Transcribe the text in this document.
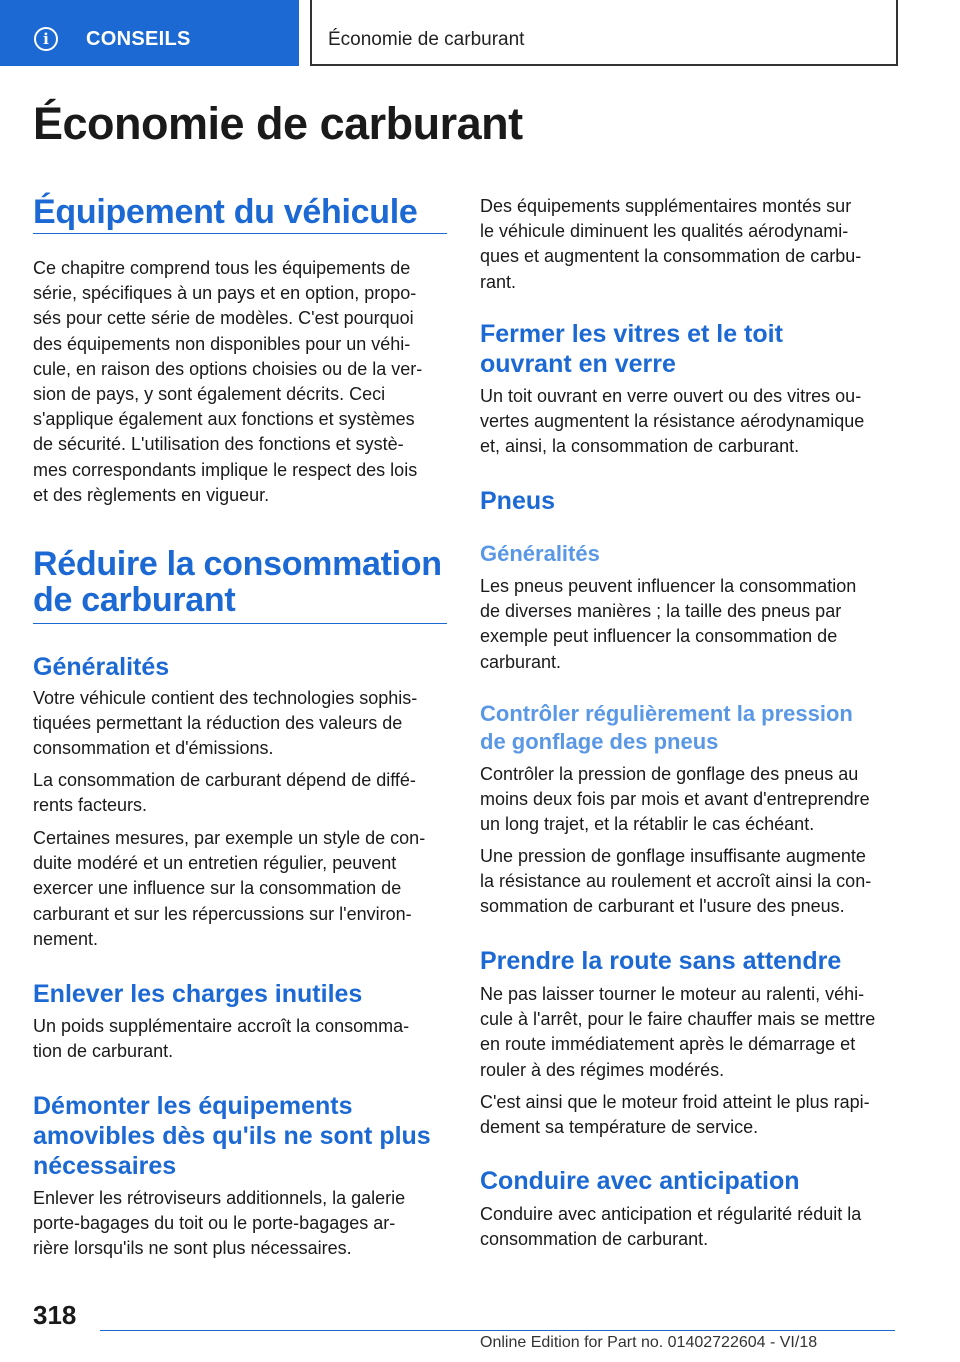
i	CONSEILS	Économie de carburant
Économie de carburant
Équipement du véhicule
Ce chapitre comprend tous les équipements de
série, spécifiques à un pays et en option, propo-
sés pour cette série de modèles. C'est pourquoi
des équipements non disponibles pour un véhi-
cule, en raison des options choisies ou de la ver-
sion de pays, y sont également décrits. Ceci
s'applique également aux fonctions et systèmes
de sécurité. L'utilisation des fonctions et systè-
mes correspondants implique le respect des lois
et des règlements en vigueur.
Réduire la consommation
de carburant
Généralités
Votre véhicule contient des technologies sophis-
tiquées permettant la réduction des valeurs de
consommation et d'émissions.
La consommation de carburant dépend de diffé-
rents facteurs.
Certaines mesures, par exemple un style de con-
duite modéré et un entretien régulier, peuvent
exercer une influence sur la consommation de
carburant et sur les répercussions sur l'environ-
nement.
Enlever les charges inutiles
Un poids supplémentaire accroît la consomma-
tion de carburant.
Démonter les équipements
amovibles dès qu'ils ne sont plus
nécessaires
Enlever les rétroviseurs additionnels, la galerie
porte-bagages du toit ou le porte-bagages ar-
rière lorsqu'ils ne sont plus nécessaires.
Des équipements supplémentaires montés sur
le véhicule diminuent les qualités aérodynami-
ques et augmentent la consommation de carbu-
rant.
Fermer les vitres et le toit
ouvrant en verre
Un toit ouvrant en verre ouvert ou des vitres ou-
vertes augmentent la résistance aérodynamique
et, ainsi, la consommation de carburant.
Pneus
Généralités
Les pneus peuvent influencer la consommation
de diverses manières ; la taille des pneus par
exemple peut influencer la consommation de
carburant.
Contrôler régulièrement la pression
de gonflage des pneus
Contrôler la pression de gonflage des pneus au
moins deux fois par mois et avant d'entreprendre
un long trajet, et la rétablir le cas échéant.
Une pression de gonflage insuffisante augmente
la résistance au roulement et accroît ainsi la con-
sommation de carburant et l'usure des pneus.
Prendre la route sans attendre
Ne pas laisser tourner le moteur au ralenti, véhi-
cule à l'arrêt, pour le faire chauffer mais se mettre
en route immédiatement après le démarrage et
rouler à des régimes modérés.
C'est ainsi que le moteur froid atteint le plus rapi-
dement sa température de service.
Conduire avec anticipation
Conduire avec anticipation et régularité réduit la
consommation de carburant.
318
Online Edition for Part no. 01402722604 - VI/18
